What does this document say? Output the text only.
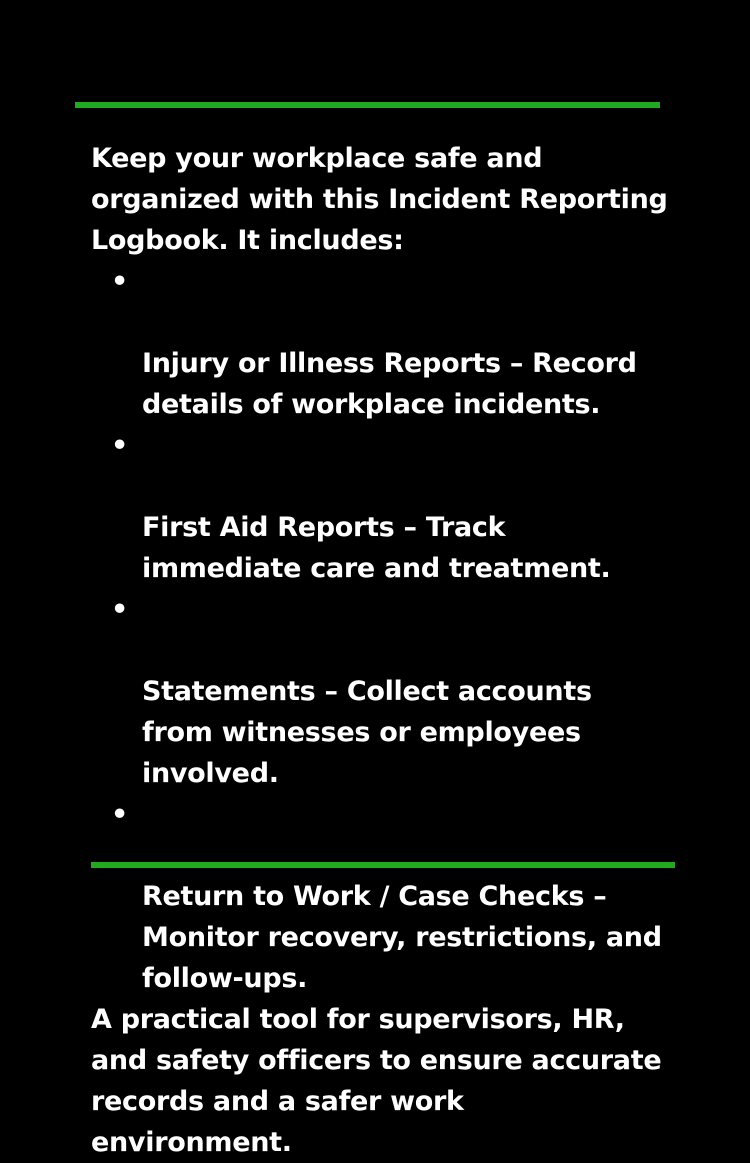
Keep your workplace safe and
organized with this Incident Reporting
Logbook. It includes:

•

Injury or Illness Reports – Record
details of workplace incidents.

•

First Aid Reports – Track
immediate care and treatment.

•

Statements – Collect accounts
from witnesses or employees
involved.

•

Return to Work / Case Checks –
Monitor recovery, restrictions, and
follow-ups.

A practical tool for supervisors, HR,
and safety officers to ensure accurate
records and a safer work
environment.
